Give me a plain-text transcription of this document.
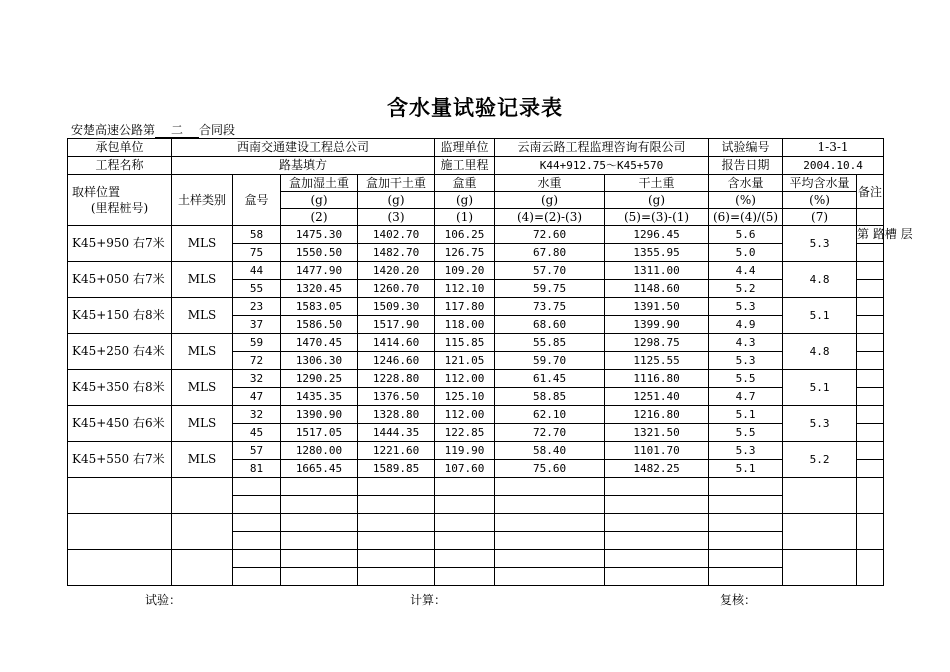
含水量试验记录表
安楚高速公路第 二 合同段
承包单位	西南交通建设工程总公司				监理单位	云南云路工程监理咨询有限公司		试验编号	1-3-1	
工程名称	路基填方				施工里程	K44+912.75～K45+570		报告日期	2004.10.4	

取样位置
(里程桩号)	土样类别	盒号	盒加湿土重	盒加干土重	盒重	水重	干土重	含水量	平均含水量	备注
			(g)	(g)	(g)	(g)	(g)	(%)	(%)	
			(2)	(3)	(1)	(4)=(2)-(3)	(5)=(3)-(1)	(6)=(4)/(5)	(7)	
K45+950 右7米	MLS	58	1475.30	1402.70	106.25	72.60	1296.45	5.6	5.3	第 路槽 层
		75	1550.50	1482.70	126.75	67.80	1355.95	5.0		
K45+050 右7米	MLS	44	1477.90	1420.20	109.20	57.70	1311.00	4.4	4.8	
		55	1320.45	1260.70	112.10	59.75	1148.60	5.2		
K45+150 右8米	MLS	23	1583.05	1509.30	117.80	73.75	1391.50	5.3	5.1	
		37	1586.50	1517.90	118.00	68.60	1399.90	4.9		
K45+250 右4米	MLS	59	1470.45	1414.60	115.85	55.85	1298.75	4.3	4.8	
		72	1306.30	1246.60	121.05	59.70	1125.55	5.3		
K45+350 右8米	MLS	32	1290.25	1228.80	112.00	61.45	1116.80	5.5	5.1	
		47	1435.35	1376.50	125.10	58.85	1251.40	4.7		
K45+450 右6米	MLS	32	1390.90	1328.80	112.00	62.10	1216.80	5.1	5.3	
		45	1517.05	1444.35	122.85	72.70	1321.50	5.5		
K45+550 右7米	MLS	57	1280.00	1221.60	119.90	58.40	1101.70	5.3	5.2	
		81	1665.45	1589.85	107.60	75.60	1482.25	5.1		

试验：	计算：	复核：
